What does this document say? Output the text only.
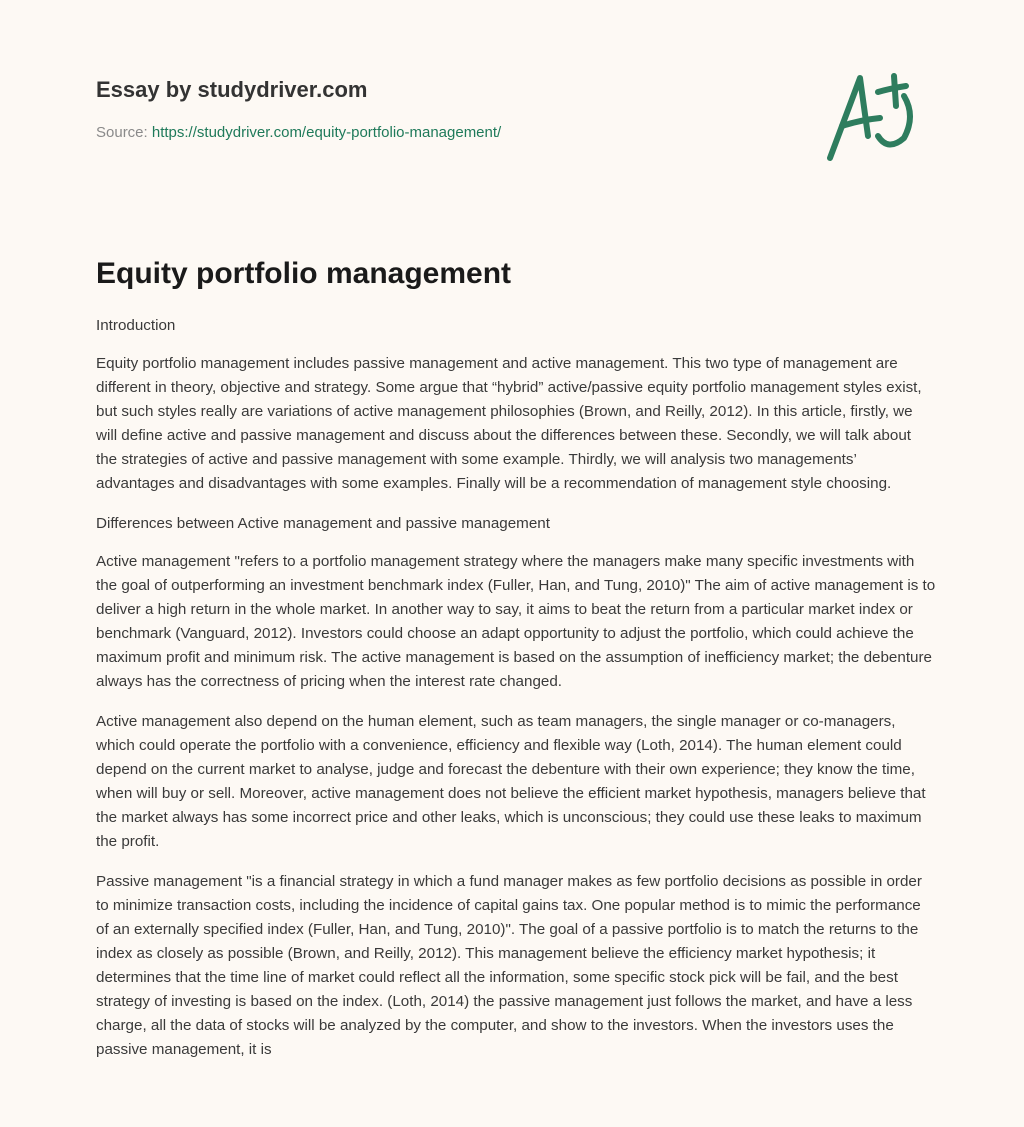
Essay by studydriver.com
Source: https://studydriver.com/equity-portfolio-management/
Equity portfolio management

Introduction

Equity portfolio management includes passive management and active management. This two type of management are different in theory, objective and strategy. Some argue that “hybrid” active/passive equity portfolio management styles exist, but such styles really are variations of active management philosophies (Brown, and Reilly, 2012). In this article, firstly, we will define active and passive management and discuss about the differences between these. Secondly, we will talk about the strategies of active and passive management with some example. Thirdly, we will analysis two managements’ advantages and disadvantages with some examples. Finally will be a recommendation of management style choosing.

Differences between Active management and passive management

Active management "refers to a portfolio management strategy where the managers make many specific investments with the goal of outperforming an investment benchmark index (Fuller, Han, and Tung, 2010)" The aim of active management is to deliver a high return in the whole market. In another way to say, it aims to beat the return from a particular market index or benchmark (Vanguard, 2012). Investors could choose an adapt opportunity to adjust the portfolio, which could achieve the maximum profit and minimum risk. The active management is based on the assumption of inefficiency market; the debenture always has the correctness of pricing when the interest rate changed.

Active management also depend on the human element, such as team managers, the single manager or co-managers, which could operate the portfolio with a convenience, efficiency and flexible way (Loth, 2014). The human element could depend on the current market to analyse, judge and forecast the debenture with their own experience; they know the time, when will buy or sell. Moreover, active management does not believe the efficient market hypothesis, managers believe that the market always has some incorrect price and other leaks, which is unconscious; they could use these leaks to maximum the profit.

Passive management "is a financial strategy in which a fund manager makes as few portfolio decisions as possible in order to minimize transaction costs, including the incidence of capital gains tax. One popular method is to mimic the performance of an externally specified index (Fuller, Han, and Tung, 2010)". The goal of a passive portfolio is to match the returns to the index as closely as possible (Brown, and Reilly, 2012). This management believe the efficiency market hypothesis; it determines that the time line of market could reflect all the information, some specific stock pick will be fail, and the best strategy of investing is based on the index. (Loth, 2014) the passive management just follows the market, and have a less charge, all the data of stocks will be analyzed by the computer, and show to the investors. When the investors uses the passive management, it is
